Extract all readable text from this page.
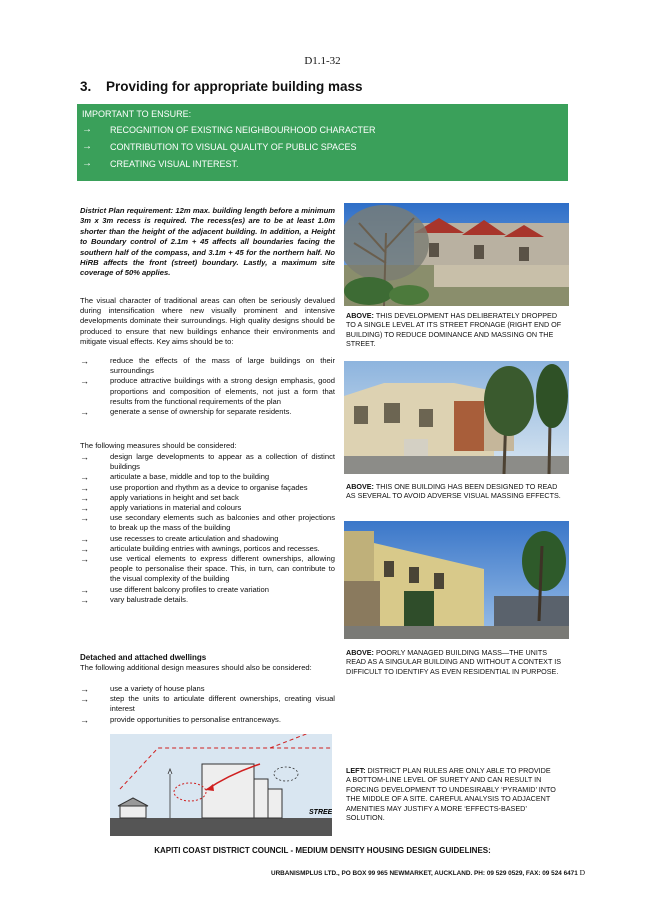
D1.1-32
3. Providing for appropriate building mass
IMPORTANT TO ENSURE:
→ RECOGNITION OF EXISTING NEIGHBOURHOOD CHARACTER
→ CONTRIBUTION TO VISUAL QUALITY OF PUBLIC SPACES
→ CREATING VISUAL INTEREST.
District Plan requirement: 12m max. building length before a minimum 3m x 3m recess is required. The recess(es) are to be at least 1.0m shorter than the height of the adjacent building. In addition, a Height to Boundary control of 2.1m + 45 affects all boundaries facing the southern half of the compass, and 3.1m + 45 for the northern half. No HiRB affects the front (street) boundary. Lastly, a maximum site coverage of 50% applies.
The visual character of traditional areas can often be seriously devalued during intensification where new visually prominent and intensive developments dominate their surroundings. High quality designs should be produced to ensure that new buildings enhance their environments and mitigate visual effects. Key aims should be to:
→	reduce the effects of the mass of large buildings on their surroundings
→	produce attractive buildings with a strong design emphasis, good proportions and composition of elements, not just a form that results from the functional requirements of the plan
→	generate a sense of ownership for separate residents.
The following measures should be considered:
→	design large developments to appear as a collection of distinct buildings
→	articulate a base, middle and top to the building
→	use proportion and rhythm as a device to organise façades
→	apply variations in height and set back
→	apply variations in material and colours
→	use secondary elements such as balconies and other projections to break up the mass of the building
→	use recesses to create articulation and shadowing
→	articulate building entries with awnings, porticos and recesses.
→	use vertical elements to express different ownerships, allowing people to personalise their space. This, in turn, can contribute to the visual complexity of the building
→	use different balcony profiles to create variation
→	vary balustrade details.
Detached and attached dwellings
The following additional design measures should also be considered:
→	use a variety of house plans
→	step the units to articulate different ownerships, creating visual interest
→	provide opportunities to personalise entranceways.
ABOVE: THIS DEVELOPMENT HAS DELIBERATELY DROPPED TO A SINGLE LEVEL AT ITS STREET FRONAGE (RIGHT END OF BUILDING) TO REDUCE DOMINANCE AND MASSING ON THE STREET.
ABOVE: THIS ONE BUILDING HAS BEEN DESIGNED TO READ AS SEVERAL TO AVOID ADVERSE VISUAL MASSING EFFECTS.
ABOVE: POORLY MANAGED BUILDING MASS—THE UNITS READ AS A SINGULAR BUILDING AND WITHOUT A CONTEXT IS DIFFICULT TO IDENTIFY AS EVEN RESIDENTIAL IN PURPOSE.
STREE
LEFT: DISTRICT PLAN RULES ARE ONLY ABLE TO PROVIDE A BOTTOM-LINE LEVEL OF SURETY AND CAN RESULT IN FORCING DEVELOPMENT TO UNDESIRABLY ‘PYRAMID’ INTO THE MIDDLE OF A SITE. CAREFUL ANALYSIS TO ADJACENT AMENITIES MAY JUSTIFY A MORE ‘EFFECTS-BASED’ SOLUTION.
KAPITI COAST DISTRICT COUNCIL - MEDIUM DENSITY HOUSING DESIGN GUIDELINES:
URBANISMPLUS LTD., PO BOX 99 965 NEWMARKET, AUCKLAND. PH: 09 529 0529, FAX: 09 524 6471 D
